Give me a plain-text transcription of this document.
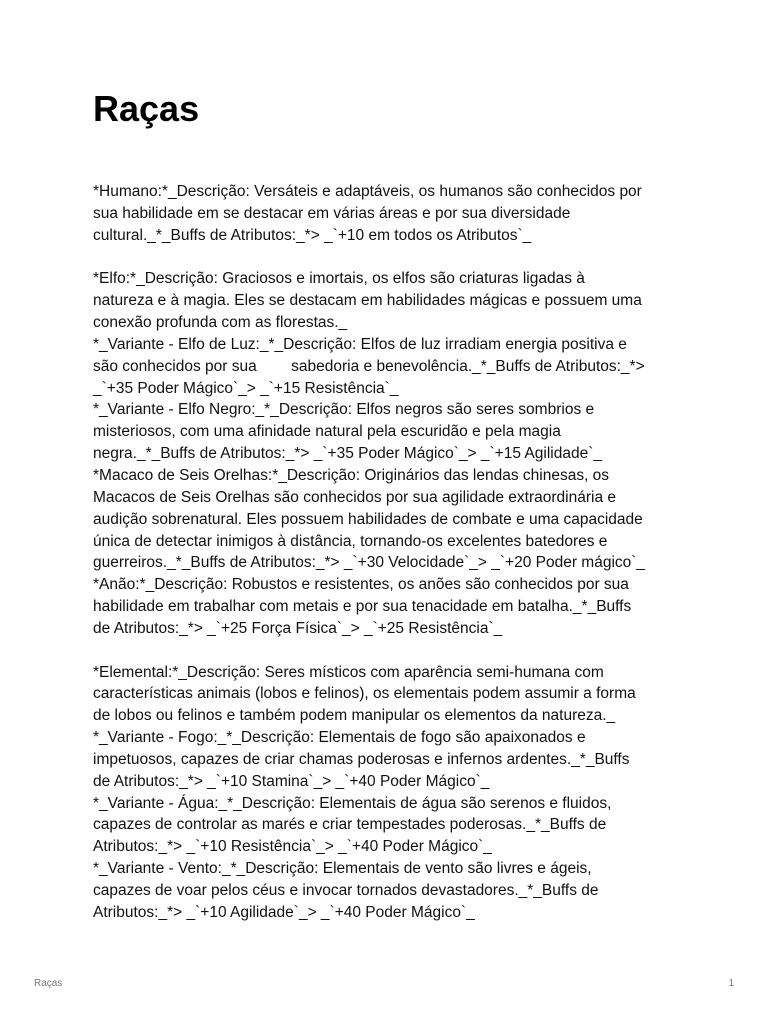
Raças
*Humano:*_Descrição: Versáteis e adaptáveis, os humanos são conhecidos por
sua habilidade em se destacar em várias áreas e por sua diversidade
cultural._*_Buffs de Atributos:_*> _`+10 em todos os Atributos`_
*Elfo:*_Descrição: Graciosos e imortais, os elfos são criaturas ligadas à
natureza e à magia. Eles se destacam em habilidades mágicas e possuem uma
conexão profunda com as florestas._
*_Variante - Elfo de Luz:_*_Descrição: Elfos de luz irradiam energia positiva e
são conhecidos por sua        sabedoria e benevolência._*_Buffs de Atributos:_*>
_`+35 Poder Mágico`_> _`+15 Resistência`_
*_Variante - Elfo Negro:_*_Descrição: Elfos negros são seres sombrios e
misteriosos, com uma afinidade natural pela escuridão e pela magia
negra._*_Buffs de Atributos:_*> _`+35 Poder Mágico`_> _`+15 Agilidade`_
*Macaco de Seis Orelhas:*_Descrição: Originários das lendas chinesas, os
Macacos de Seis Orelhas são conhecidos por sua agilidade extraordinária e
audição sobrenatural. Eles possuem habilidades de combate e uma capacidade
única de detectar inimigos à distância, tornando-os excelentes batedores e
guerreiros._*_Buffs de Atributos:_*> _`+30 Velocidade`_> _`+20 Poder mágico`_
*Anão:*_Descrição: Robustos e resistentes, os anões são conhecidos por sua
habilidade em trabalhar com metais e por sua tenacidade em batalha._*_Buffs
de Atributos:_*> _`+25 Força Física`_> _`+25 Resistência`_
*Elemental:*_Descrição: Seres místicos com aparência semi-humana com
características animais (lobos e felinos), os elementais podem assumir a forma
de lobos ou felinos e também podem manipular os elementos da natureza._
*_Variante - Fogo:_*_Descrição: Elementais de fogo são apaixonados e
impetuosos, capazes de criar chamas poderosas e infernos ardentes._*_Buffs
de Atributos:_*> _`+10 Stamina`_> _`+40 Poder Mágico`_
*_Variante - Água:_*_Descrição: Elementais de água são serenos e fluidos,
capazes de controlar as marés e criar tempestades poderosas._*_Buffs de
Atributos:_*> _`+10 Resistência`_> _`+40 Poder Mágico`_
*_Variante - Vento:_*_Descrição: Elementais de vento são livres e ágeis,
capazes de voar pelos céus e invocar tornados devastadores._*_Buffs de
Atributos:_*> _`+10 Agilidade`_> _`+40 Poder Mágico`_
Raças	1
